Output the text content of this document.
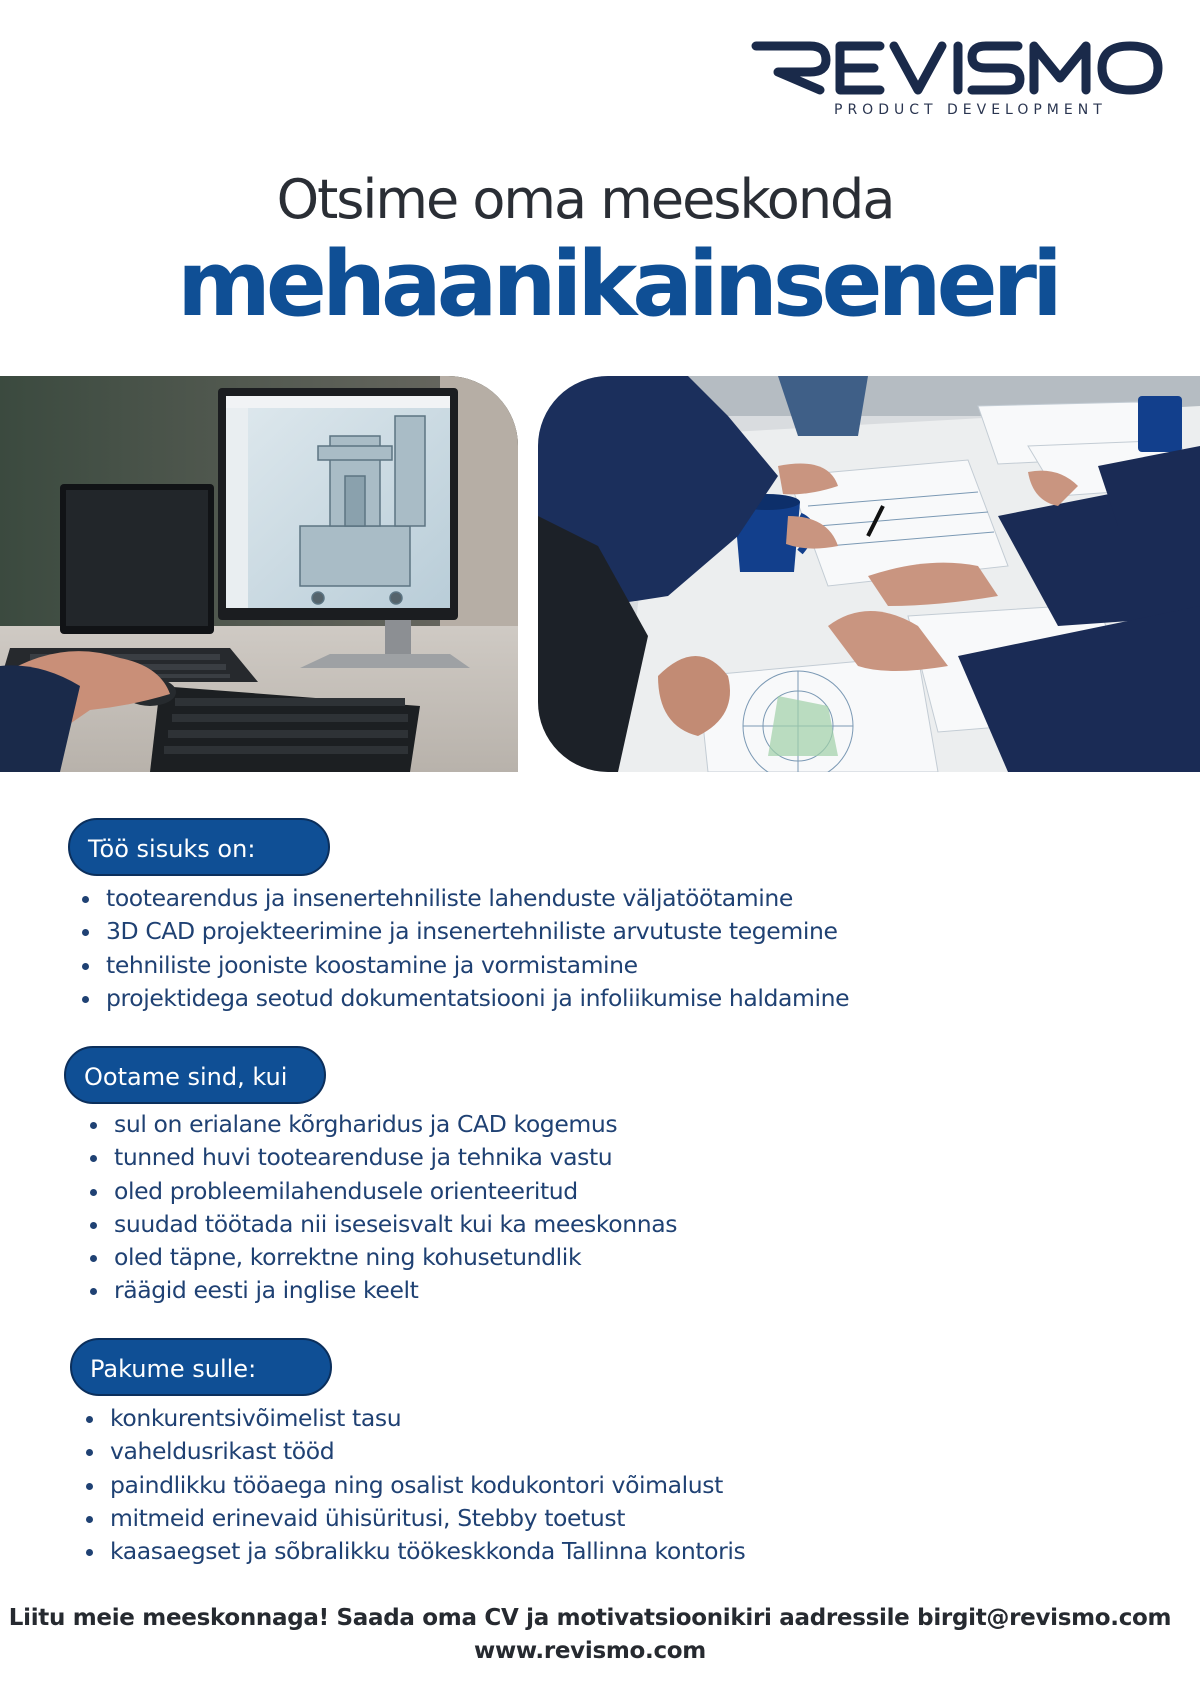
PRODUCT DEVELOPMENT
Otsime oma meeskonda
mehaanikainseneri
Töö sisuks on:
tootearendus ja insenertehniliste lahenduste väljatöötamine
3D CAD projekteerimine ja insenertehniliste arvutuste tegemine
tehniliste jooniste koostamine ja vormistamine
projektidega seotud dokumentatsiooni ja infoliikumise haldamine
Ootame sind, kui
sul on erialane kõrgharidus ja CAD kogemus
tunned huvi tootearenduse ja tehnika vastu
oled probleemilahendusele orienteeritud
suudad töötada nii iseseisvalt kui ka meeskonnas
oled täpne, korrektne ning kohusetundlik
räägid eesti ja inglise keelt
Pakume sulle:
konkurentsivõimelist tasu
vaheldusrikast tööd
paindlikku tööaega ning osalist kodukontori võimalust
mitmeid erinevaid ühisüritusi, Stebby toetust
kaasaegset ja sõbralikku töökeskkonda Tallinna kontoris
Liitu meie meeskonnaga! Saada oma CV ja motivatsioonikiri aadressile birgit@revismo.com
www.revismo.com
